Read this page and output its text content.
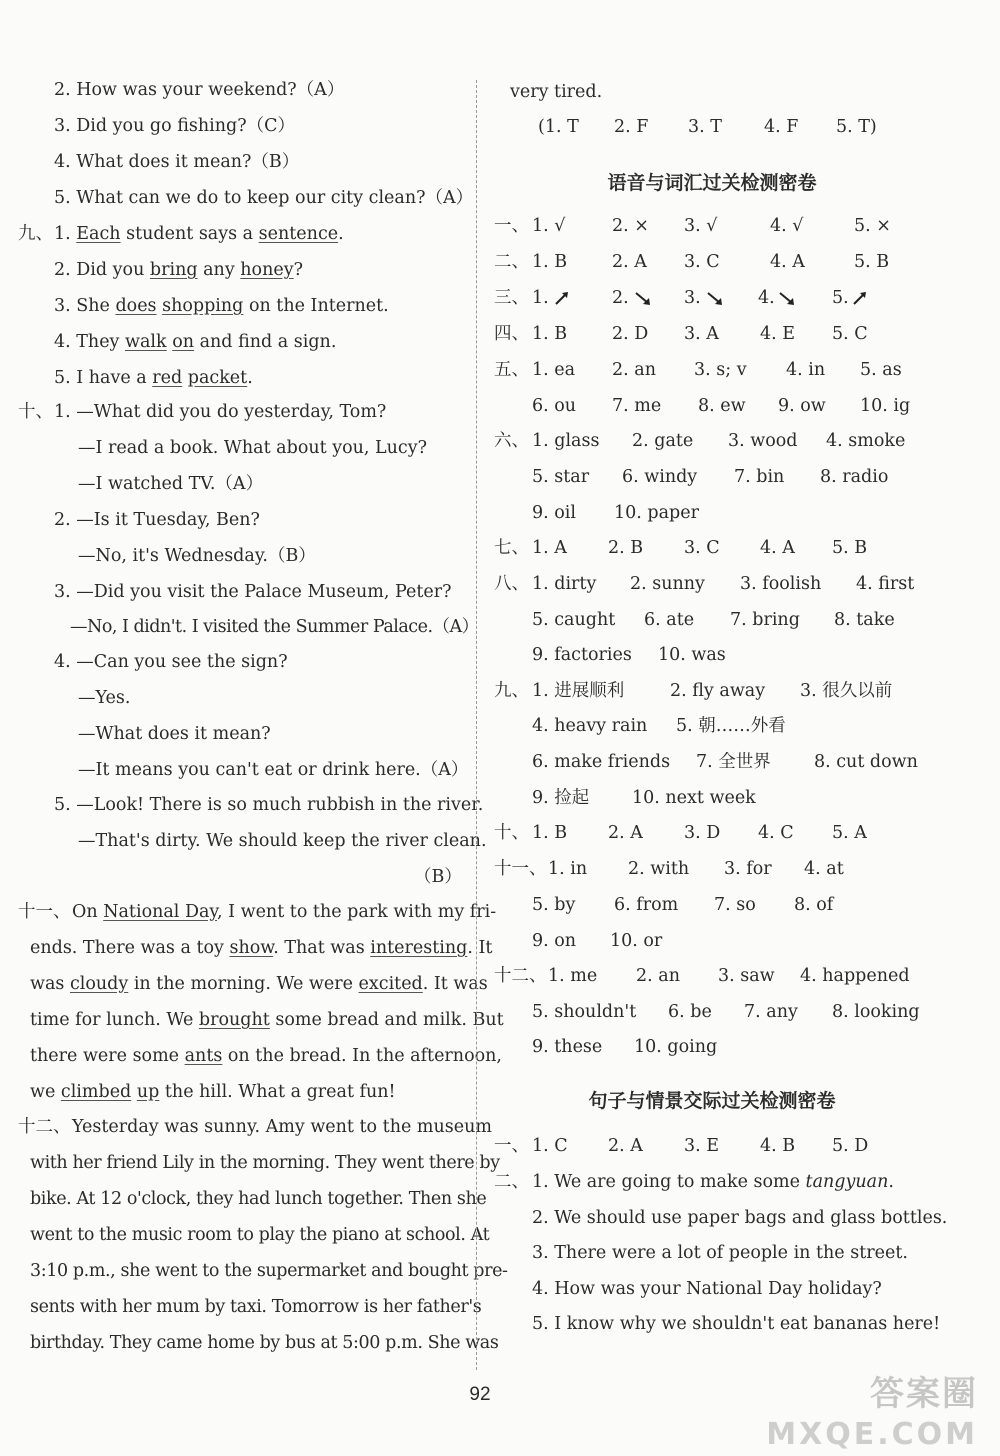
2. How was your weekend?（A）
3. Did you go fishing?（C）
4. What does it mean?（B）
5. What can we do to keep our city clean?（A）
九、 1. Each student says a sentence.
2. Did you bring any honey?
3. She does shopping on the Internet.
4. They walk on and find a sign.
5. I have a red packet.
十、 1. —What did you do yesterday, Tom?
—I read a book. What about you, Lucy?
—I watched TV.（A）
2. —Is it Tuesday, Ben?
—No, it's Wednesday.（B）
3. —Did you visit the Palace Museum, Peter?
—No, I didn't. I visited the Summer Palace.（A）
4. —Can you see the sign?
—Yes.
—What does it mean?
—It means you can't eat or drink here.（A）
5. —Look! There is so much rubbish in the river.
—That's dirty. We should keep the river clean.
（B）
十一、 On National Day, I went to the park with my fri-
ends. There was a toy show. That was interesting. It
was cloudy in the morning. We were excited. It was
time for lunch. We brought some bread and milk. But
there were some ants on the bread. In the afternoon,
we climbed up the hill. What a great fun!
十二、 Yesterday was sunny. Amy went to the museum
with her friend Lily in the morning. They went there by
bike. At 12 o'clock, they had lunch together. Then she
went to the music room to play the piano at school. At
3:10 p.m., she went to the supermarket and bought pre-
sents with her mum by taxi. Tomorrow is her father's
birthday. They came home by bus at 5:00 p.m. She was
very tired.
(1. T 2. F 3. T 4. F 5. T)
语音与词汇过关检测密卷
一、 1. √	2. × 3. √	4. √	5. ×
二、 1. B	2. A 3. C	4. A	5. B
三、 1.	2.	3.	4.	5.
四、 1. B	2. D 3. A 4. E 5. C
五、 1. ea 2. an 3. s; v 4. in 5. as
6. ou 7. me 8. ew 9. ow 10. ig
六、 1. glass 2. gate 3. wood 4. smoke
5. star 6. windy 7. bin 8. radio
9. oil 10. paper
七、 1. A 2. B 3. C 4. A 5. B
八、 1. dirty 2. sunny 3. foolish 4. first
5. caught 6. ate 7. bring 8. take
9. factories 10. was
九、 1. 进展顺利	2. fly away 3. 很久以前
4. heavy rain 5. 朝……外看
6. make friends 7. 全世界 8. cut down
9. 捡起 10. next week
十、 1. B 2. A 3. D 4. C 5. A
十一、 1. in 2. with 3. for 4. at
5. by 6. from 7. so 8. of
9. on 10. or
十二、 1. me 2. an 3. saw 4. happened
5. shouldn't 6. be 7. any 8. looking
9. these 10. going
句子与情景交际过关检测密卷
一、 1. C 2. A 3. E 4. B 5. D
二、 1. We are going to make some tangyuan.
2. We should use paper bags and glass bottles.
3. There were a lot of people in the street.
4. How was your National Day holiday?
5. I know why we shouldn't eat bananas here!
92	答案圈
MXQE.COM
